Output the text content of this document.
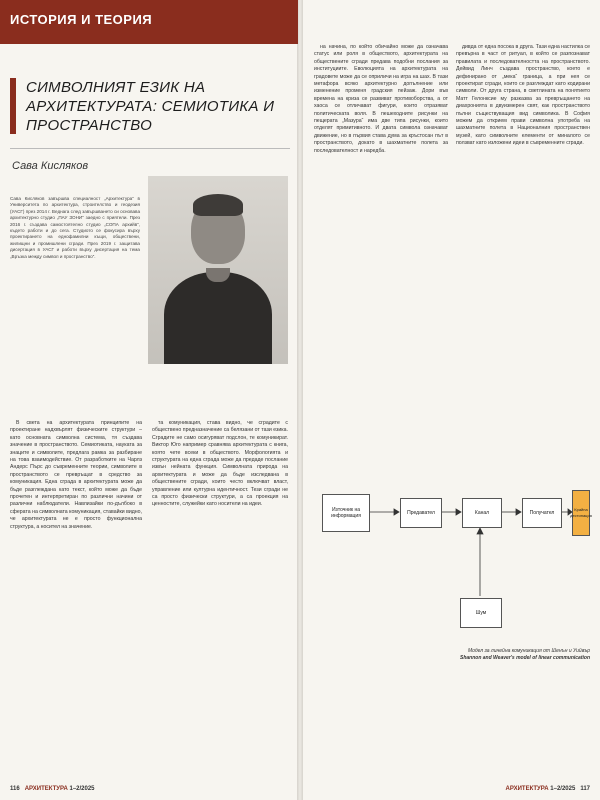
ИСТОРИЯ И ТЕОРИЯ
СИМВОЛНИЯТ ЕЗИК НА АРХИТЕКТУРАТА: СЕМИОТИКА И ПРОСТРАНСТВО
Сава Кисляков
Сава Кисляков завършва специалност „Архитектура“ в Университета по архитектура, строителство и геодезия (УАСГ) през 2014 г. Веднага след завършването си основава архитектурно студио „ПАУ ЗОНИ“ заедно с приятели. През 2016 г. създава самостоятелно студио „СОПА архийв“, където работи и до сега. Студиото се фокусира върху проектирането на еднофамилни къщи, обществени, жилищни и промишлени сгради. През 2019 г. защитава дисертация в УАСГ и работи върху дисертация на тема „Връзка между символ и пространство“.

В света на архитектурата принципите на проектиране надхвърлят физическите структури – като основната символна система, тя създава значение в пространството. Семиотиката, науката за знаците и символите, предлага рамка за разбиране на това взаимодействие. От разработките на Чарлз Андерс Пърс до съвременните теории, символите в пространството се превръщат в средство за комуникация. Една сграда в архитектурата може да бъде разглеждана като текст, който може да бъде прочетен и интерпретиран по различни начини от различни наблюдатели. Навлизайки по-дълбоко в сферата на символната комуникация, ставайки видно, че архитектурата не е просто функционална структура, а носител на значение.

та комуникация, става видно, че сградите с обществено предназначение са белязани от тази езика. Сградите не само осигуряват подслон, те комуникират. Виктор Юго например сравнява архитектурата с книга, която чете всеки в обществото. Морфологията и структурата на една сграда може да предаде послание извън нейната функция. Символната природа на архитектурата и може да бъде изследвана в обществените сгради, които често включват власт, управление или културна идентичност. Тези сгради не са просто физически структури, а са проекция на ценностите, служейки като носители на идеи.

на начина, по който обичайно може да означава статус или роля в обществото, архитектурата на обществените сгради предава подобни послания за институциите. Еволюцията на архитектурата на градовете може да се оприличи на игра на шах. В тази метафора всяко архитектурно допълнение или изменение променя градския пейзаж. Дори във времена на криза се развиват противоборства, а от хаоса се отличават фигури, които отразяват политическата воля. В пешеходните рисунки на пещерата „Мазура“ има две типа рисунки, които отделят примитивното. И двата символа означават движение, но в първия става дума за кръстосан път в пространството, докато в шахматните полета за последователност и наредба.

дивда от една посока в друга. Тази една настилка се превърна в част от ритуал, в който се разпознават правилата и последователността на пространството. Дейвид Линч създава пространство, което е дефинирано от „мека“ граница, а при нея се проектират сгради, които се разглеждат като кодирани символи. От друга страна, в светлината на понятието Матт Гелонксие му разказва за превръщането на диахронията в двуизмерен свят, как пространството пълни съществуващия вид символика. В София можем да открием прави символна употреба на шахматните полета в Националния пространствен музей, като символните елементи от миналото се ползват като изложени идеи в съвременните сгради.

Източник на информация	Предавател	Канал	Получател
Крайна дестинация
Шум
Модел за линейна комуникация от Шенън и Уийвър
Shannon and Weaver's model of linear communication
116 АРХИТЕКТУРА 1–2/2025	АРХИТЕКТУРА 1–2/2025 117
